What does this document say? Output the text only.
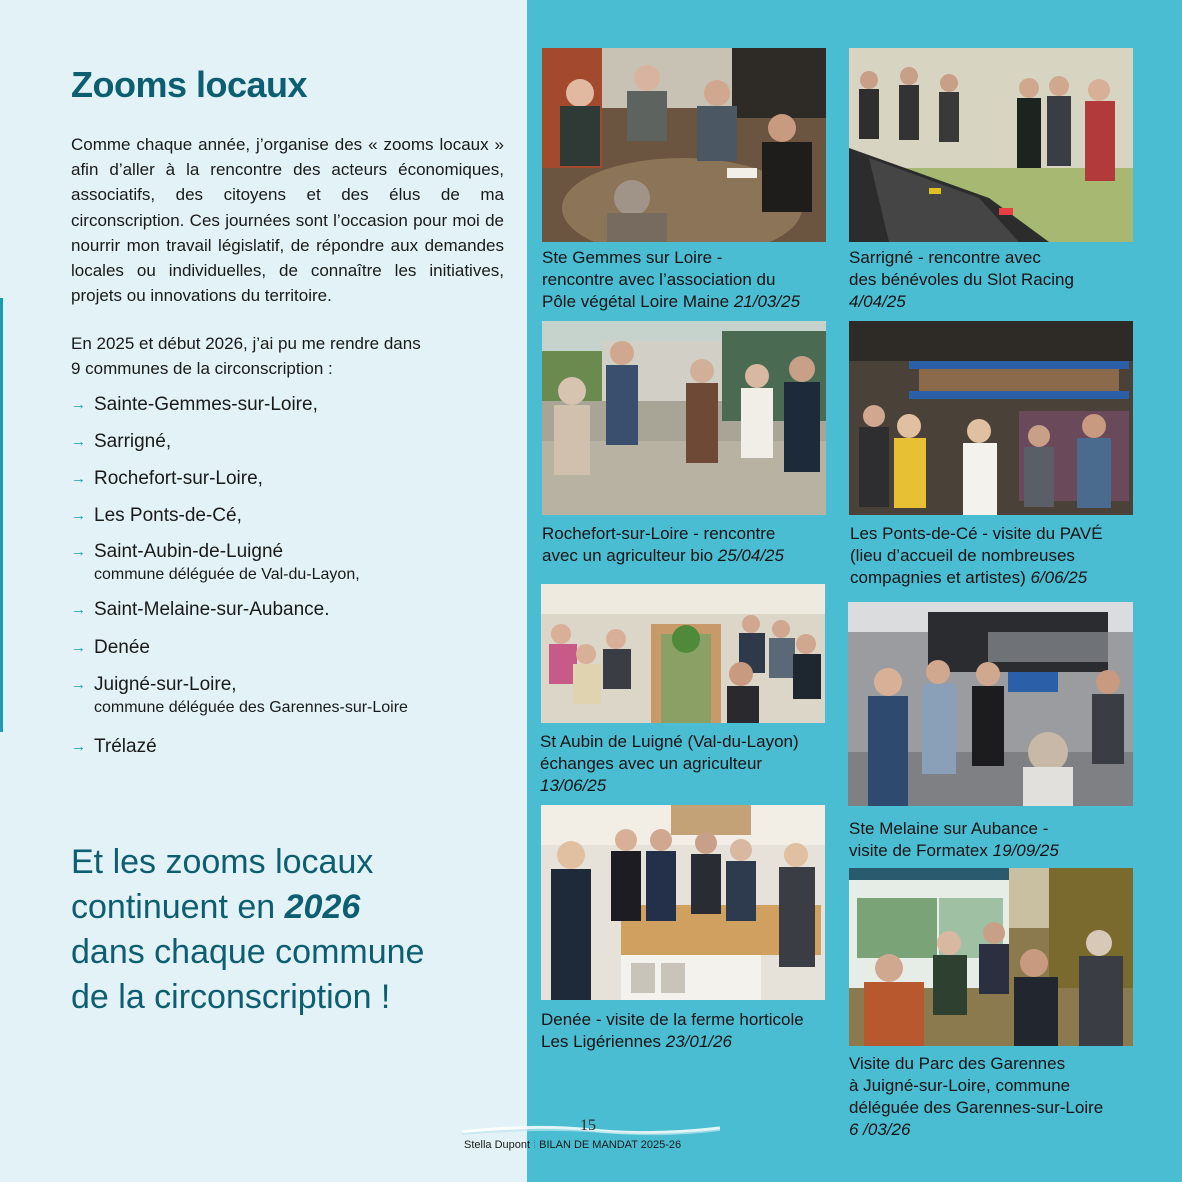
Zooms locaux

Comme chaque année, j’organise des « zooms locaux » afin d’aller à la rencontre des acteurs économiques, associatifs, des citoyens et des élus de ma circonscription. Ces journées sont l’occasion pour moi de nourrir mon travail législatif, de répondre aux demandes locales ou individuelles, de connaître les initiatives, projets ou innovations du territoire.

En 2025 et début 2026, j’ai pu me rendre dans
9 communes de la circonscription :

→ Sainte-Gemmes-sur-Loire,
→ Sarrigné,
→ Rochefort-sur-Loire,
→ Les Ponts-de-Cé,
→ Saint-Aubin-de-Luigné
commune déléguée de Val-du-Layon,
→ Saint-Melaine-sur-Aubance.
→ Denée
→ Juigné-sur-Loire,
commune déléguée des Garennes-sur-Loire
→ Trélazé
Et les zooms locaux
continuent en 2026
dans chaque commune
de la circonscription !
Ste Gemmes sur Loire -
rencontre avec l’association du
Pôle végétal Loire Maine 21/03/25
Sarrigné - rencontre avec
des bénévoles du Slot Racing
4/04/25
Rochefort-sur-Loire - rencontre
avec un agriculteur bio 25/04/25
Les Ponts-de-Cé - visite du PAVÉ
(lieu d’accueil de nombreuses
compagnies et artistes) 6/06/25
St Aubin de Luigné (Val-du-Layon)
échanges avec un agriculteur
13/06/25
Ste Melaine sur Aubance -
visite de Formatex 19/09/25
Denée - visite de la ferme horticole
Les Ligériennes 23/01/26
Visite du Parc des Garennes
à Juigné-sur-Loire, commune
déléguée des Garennes-sur-Loire
6 /03/26
15
Stella Dupont ⁞ BILAN DE MANDAT 2025-26
